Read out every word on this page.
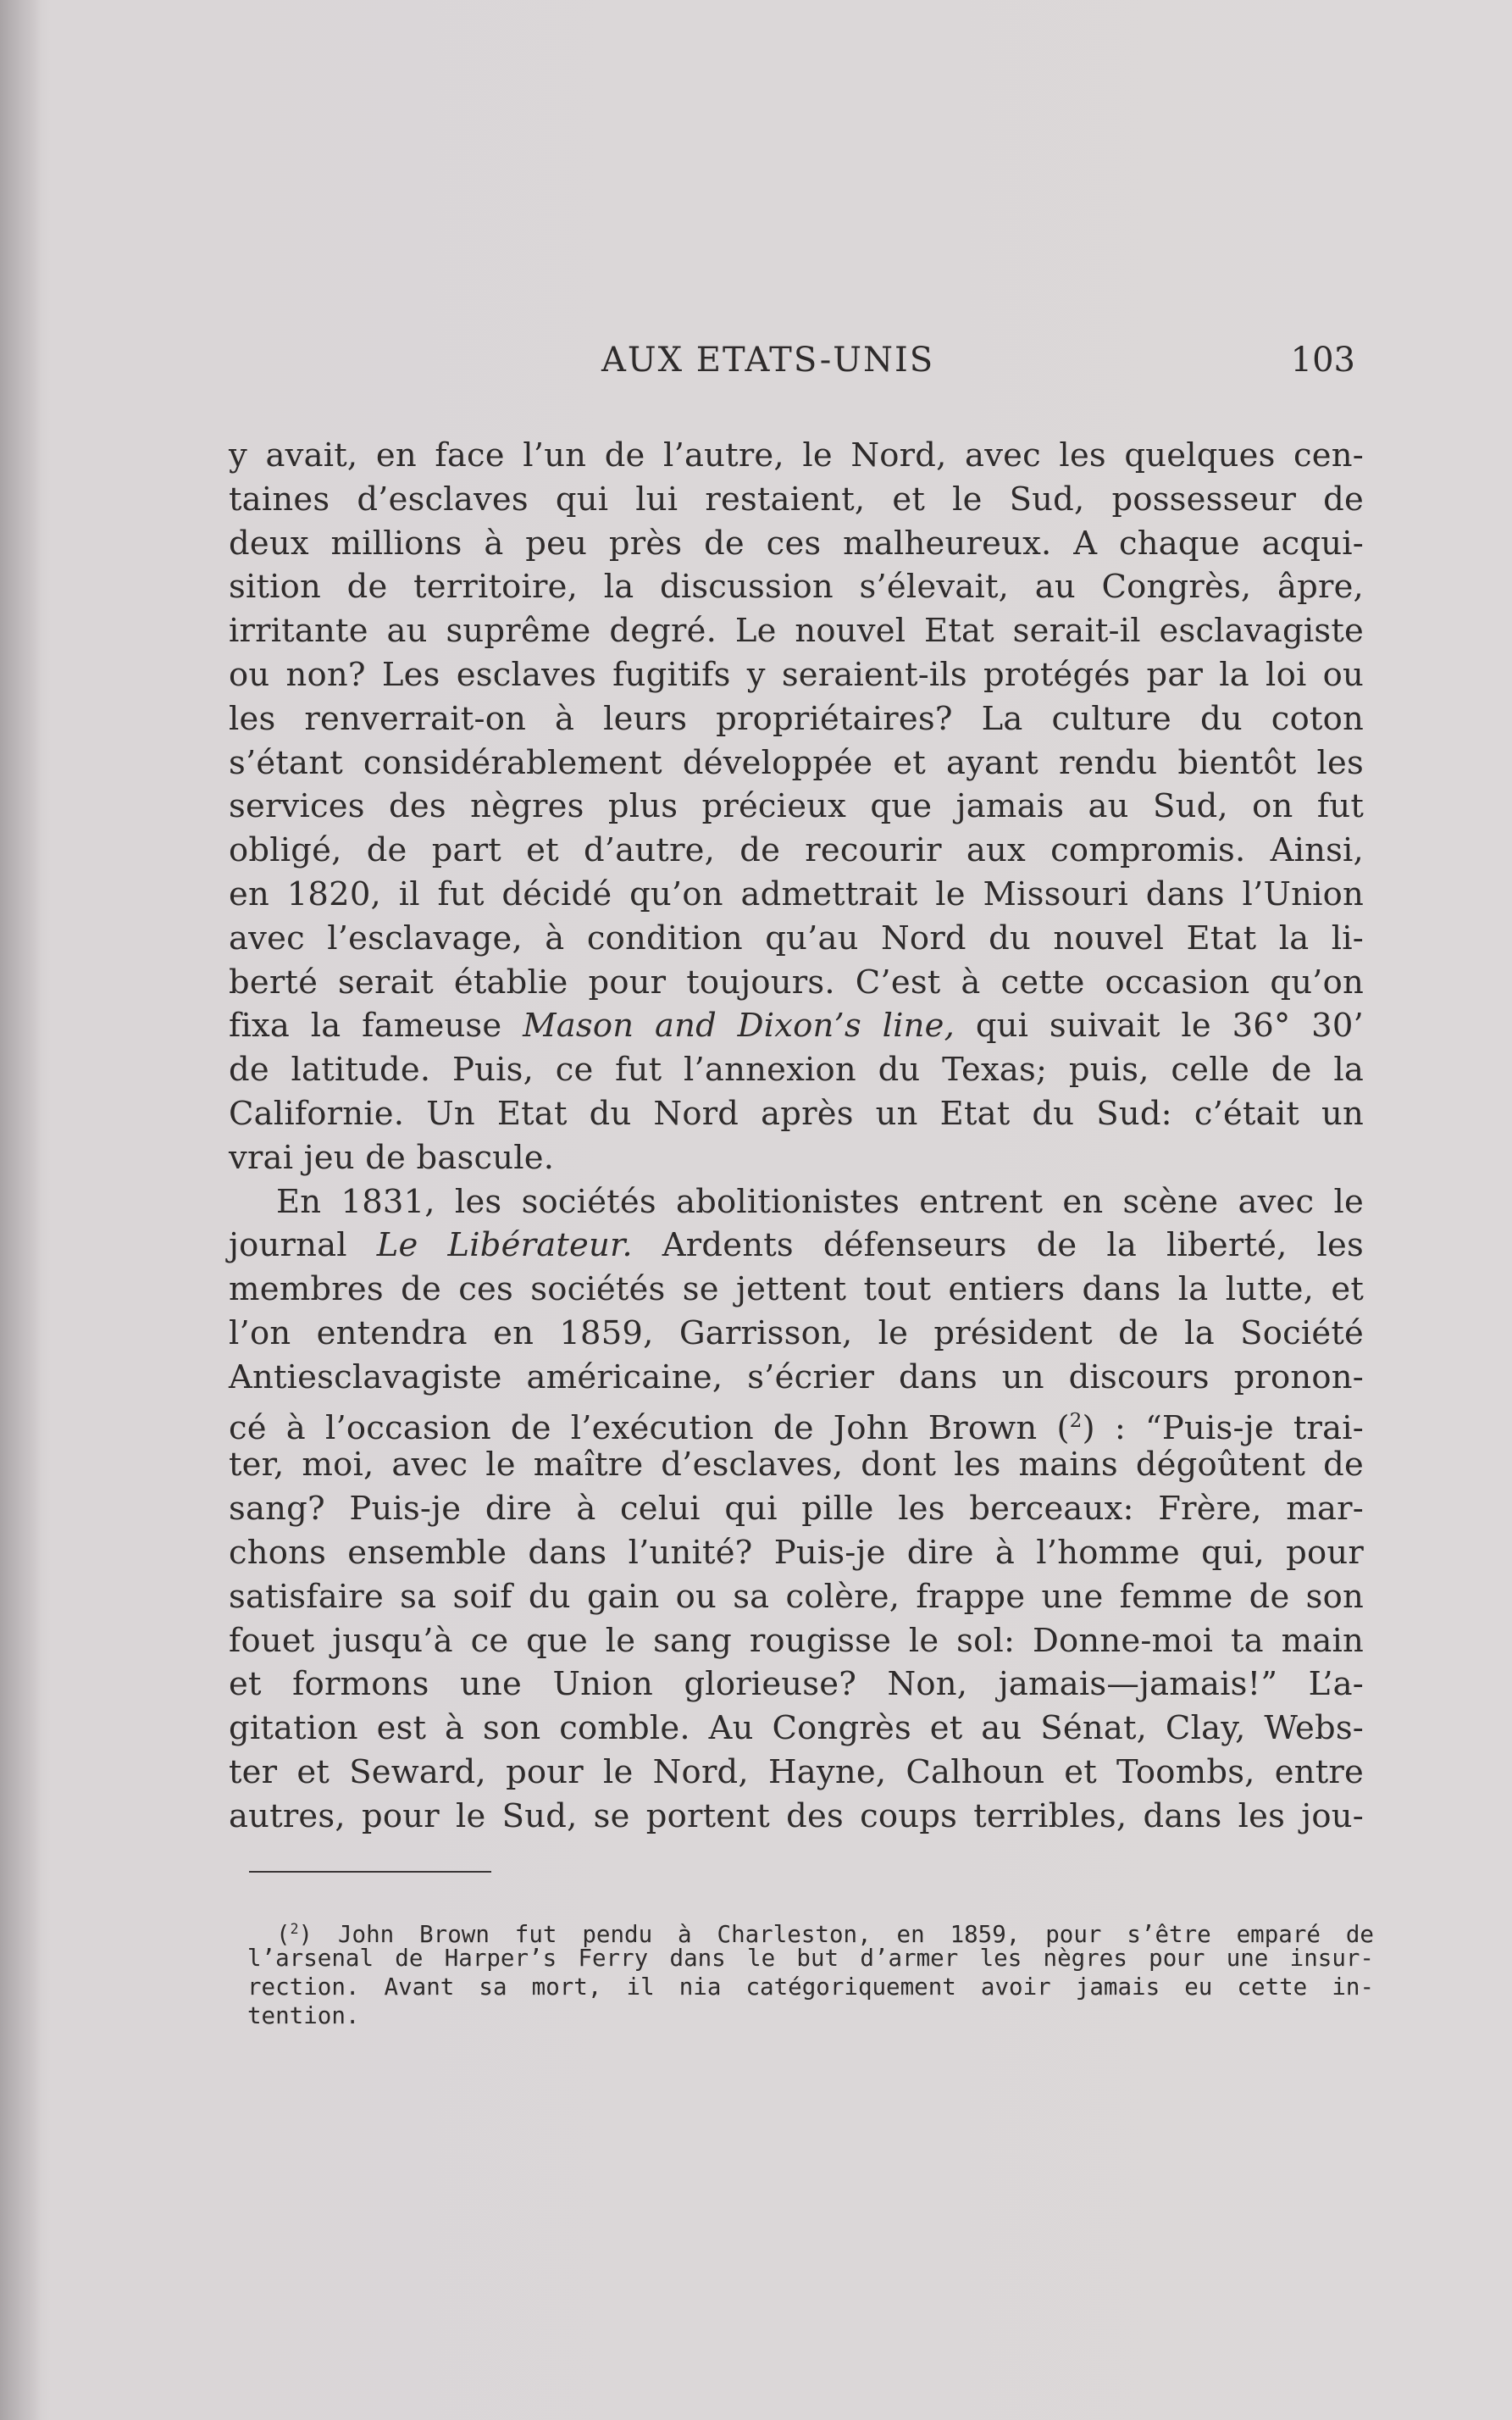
AUX ETATS-UNIS	103
y avait, en face l’un de l’autre, le Nord, avec les quelques cen-
taines d’esclaves qui lui restaient, et le Sud, possesseur de
deux millions à peu près de ces malheureux. A chaque acqui-
sition de territoire, la discussion s’élevait, au Congrès, âpre,
irritante au suprême degré. Le nouvel Etat serait-il esclavagiste
ou non? Les esclaves fugitifs y seraient-ils protégés par la loi ou
les renverrait-on à leurs propriétaires? La culture du coton
s’étant considérablement développée et ayant rendu bientôt les
services des nègres plus précieux que jamais au Sud, on fut
obligé, de part et d’autre, de recourir aux compromis. Ainsi,
en 1820, il fut décidé qu’on admettrait le Missouri dans l’Union
avec l’esclavage, à condition qu’au Nord du nouvel Etat la li-
berté serait établie pour toujours. C’est à cette occasion qu’on
fixa la fameuse Mason and Dixon’s line, qui suivait le 36° 30’
de latitude. Puis, ce fut l’annexion du Texas; puis, celle de la
Californie. Un Etat du Nord après un Etat du Sud: c’était un
vrai jeu de bascule.
En 1831, les sociétés abolitionistes entrent en scène avec le
journal Le Libérateur. Ardents défenseurs de la liberté, les
membres de ces sociétés se jettent tout entiers dans la lutte, et
l’on entendra en 1859, Garrisson, le président de la Société
Antiesclavagiste américaine, s’écrier dans un discours pronon-
cé à l’occasion de l’exécution de John Brown ($^2$) : “Puis-je trai-
ter, moi, avec le maître d’esclaves, dont les mains dégoûtent de
sang? Puis-je dire à celui qui pille les berceaux: Frère, mar-
chons ensemble dans l’unité? Puis-je dire à l’homme qui, pour
satisfaire sa soif du gain ou sa colère, frappe une femme de son
fouet jusqu’à ce que le sang rougisse le sol: Donne-moi ta main
et formons une Union glorieuse? Non, jamais—jamais!” L’a-
gitation est à son comble. Au Congrès et au Sénat, Clay, Webs-
ter et Seward, pour le Nord, Hayne, Calhoun et Toombs, entre
autres, pour le Sud, se portent des coups terribles, dans les jou-
($^2$) John Brown fut pendu à Charleston, en 1859, pour s’être emparé de
l’arsenal de Harper’s Ferry dans le but d’armer les nègres pour une insur-
rection. Avant sa mort, il nia catégoriquement avoir jamais eu cette in-
tention.
